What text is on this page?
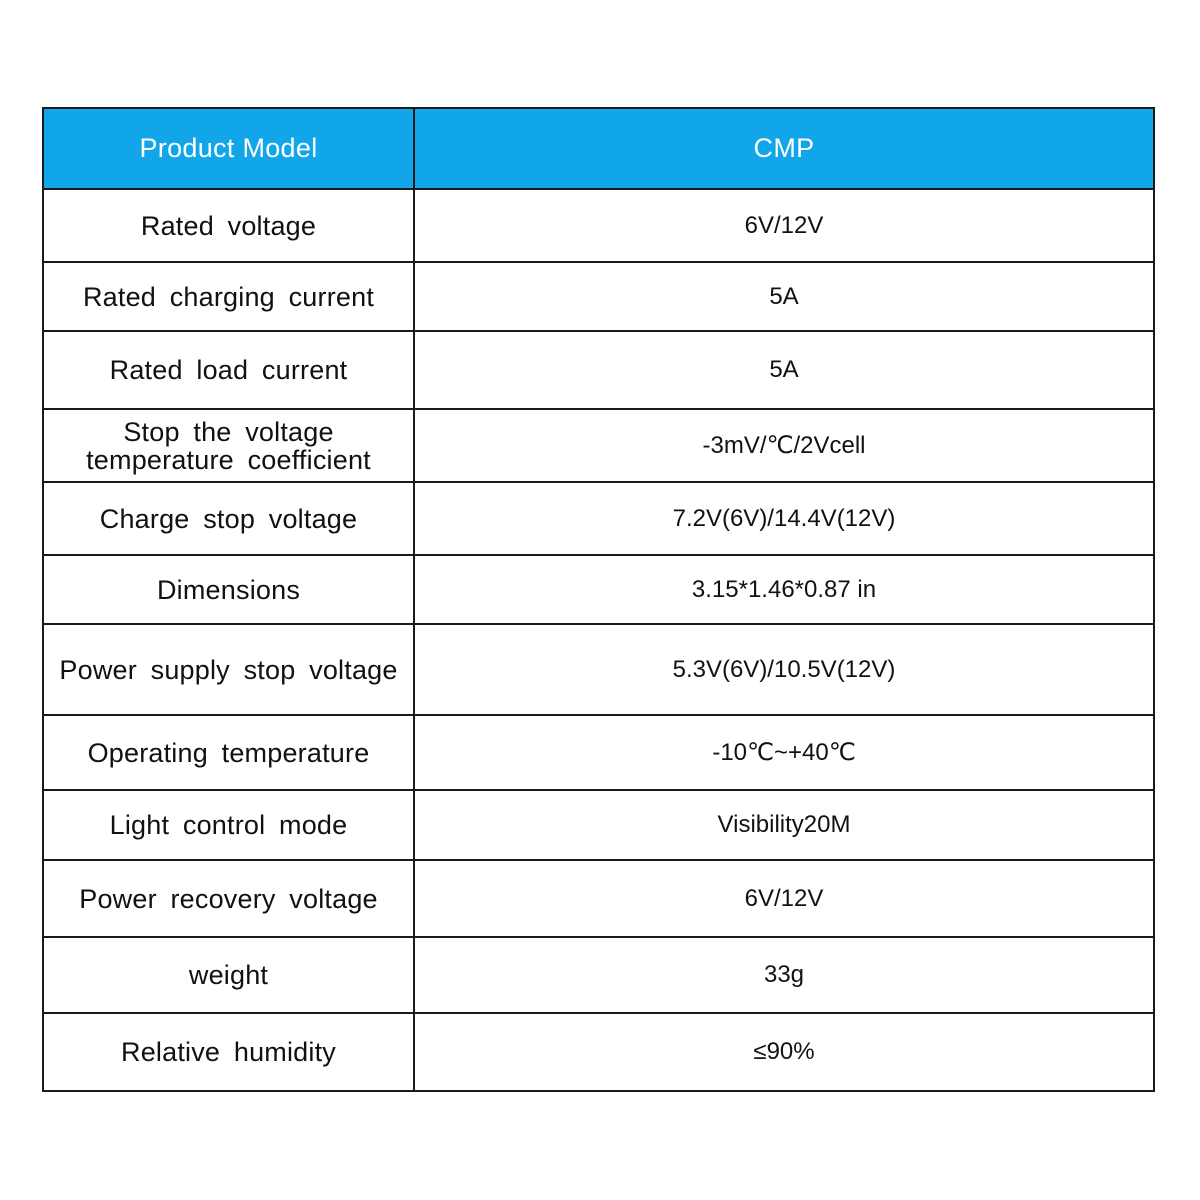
Product Model	CMP
Rated voltage	6V/12V
Rated charging current	5A
Rated load current	5A
Stop the voltage temperature coefficient	-3mV/℃/2Vcell
Charge stop voltage	7.2V(6V)/14.4V(12V)
Dimensions	3.15*1.46*0.87 in
Power supply stop voltage	5.3V(6V)/10.5V(12V)
Operating temperature	-10℃~+40℃
Light control mode	Visibility20M
Power recovery voltage	6V/12V
weight	33g
Relative humidity	≤90%
